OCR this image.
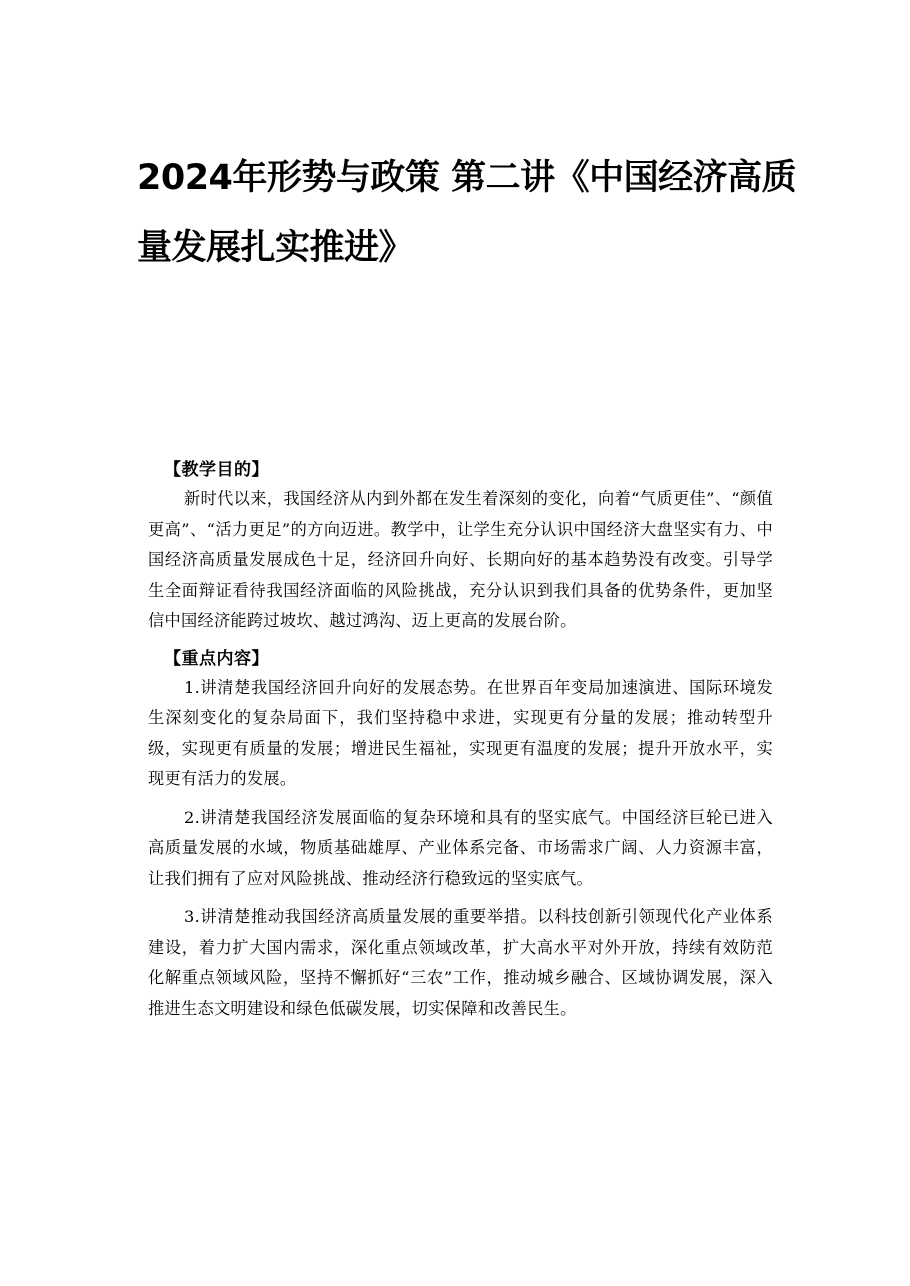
2024年形势与政策 第二讲《中国经济高质
量发展扎实推进》
【教学目的】

新时代以来，我国经济从内到外都在发生着深刻的变化，向着“气质更佳”、“颜值更高”、“活力更足”的方向迈进。教学中，让学生充分认识中国经济大盘坚实有力、中国经济高质量发展成色十足，经济回升向好、长期向好的基本趋势没有改变。引导学生全面辩证看待我国经济面临的风险挑战，充分认识到我们具备的优势条件，更加坚信中国经济能跨过坡坎、越过鸿沟、迈上更高的发展台阶。

【重点内容】

1.讲清楚我国经济回升向好的发展态势。在世界百年变局加速演进、国际环境发生深刻变化的复杂局面下，我们坚持稳中求进，实现更有分量的发展；推动转型升级，实现更有质量的发展；增进民生福祉，实现更有温度的发展；提升开放水平，实现更有活力的发展。

2.讲清楚我国经济发展面临的复杂环境和具有的坚实底气。中国经济巨轮已进入高质量发展的水域，物质基础雄厚、产业体系完备、市场需求广阔、人力资源丰富，让我们拥有了应对风险挑战、推动经济行稳致远的坚实底气。

3.讲清楚推动我国经济高质量发展的重要举措。以科技创新引领现代化产业体系建设，着力扩大国内需求，深化重点领域改革，扩大高水平对外开放，持续有效防范化解重点领域风险，坚持不懈抓好“三农”工作，推动城乡融合、区域协调发展，深入推进生态文明建设和绿色低碳发展，切实保障和改善民生。
